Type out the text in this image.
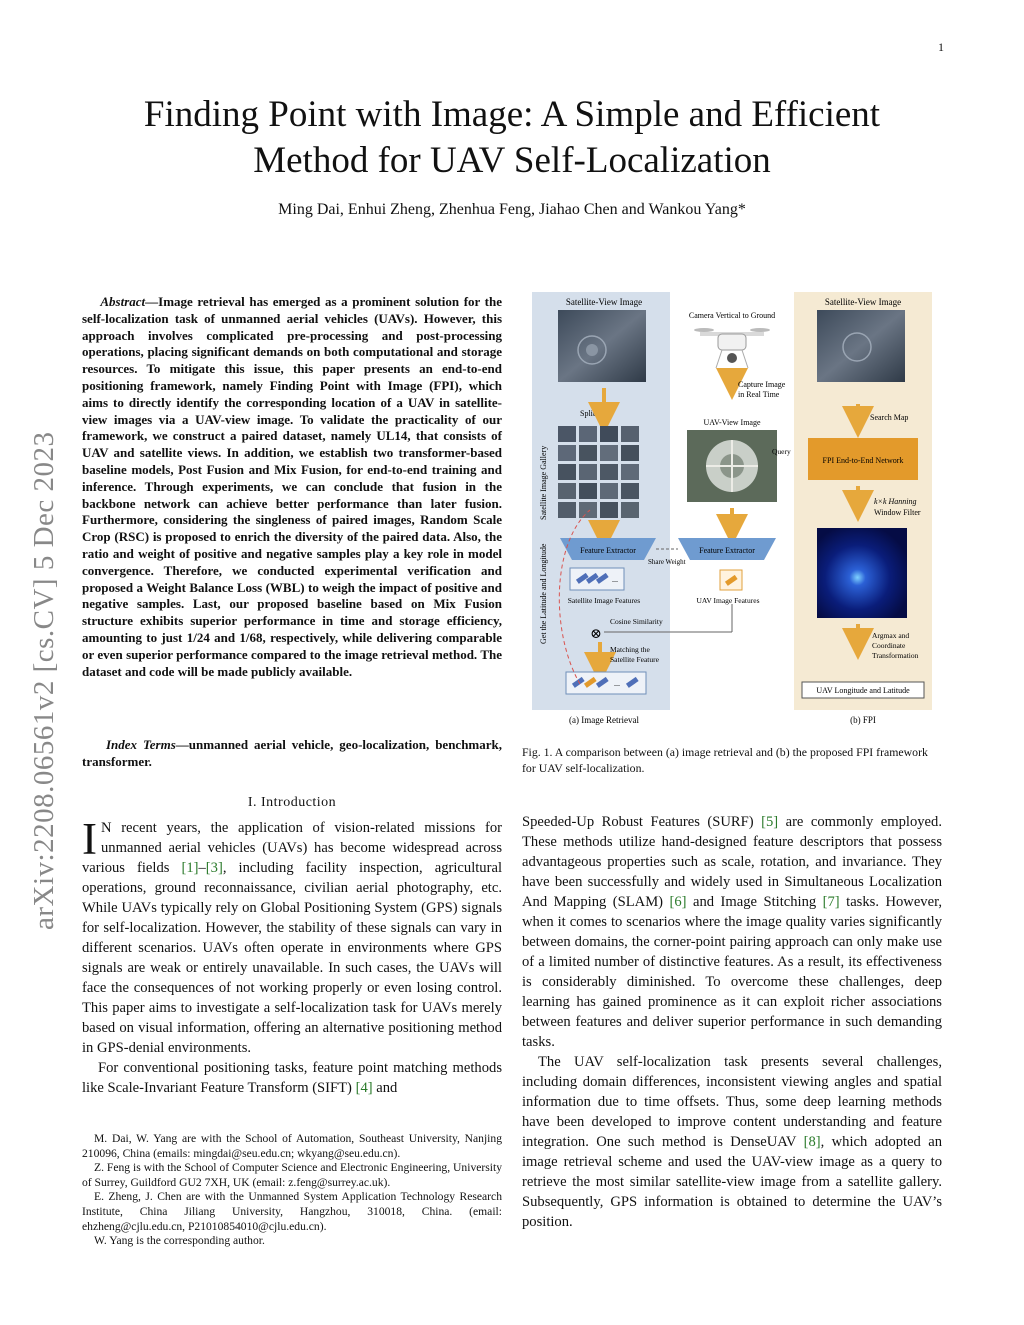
1
arXiv:2208.06561v2 [cs.CV] 5 Dec 2023
Finding Point with Image: A Simple and Efficient
Method for UAV Self-Localization
Ming Dai, Enhui Zheng, Zhenhua Feng, Jiahao Chen and Wankou Yang*
Abstract—Image retrieval has emerged as a prominent solution for the self-localization task of unmanned aerial vehicles (UAVs). However, this approach involves complicated pre-processing and post-processing operations, placing significant demands on both computational and storage resources. To mitigate this issue, this paper presents an end-to-end positioning framework, namely Finding Point with Image (FPI), which aims to directly identify the corresponding location of a UAV in satellite-view images via a UAV-view image. To validate the practicality of our framework, we construct a paired dataset, namely UL14, that consists of UAV and satellite views. In addition, we establish two transformer-based baseline models, Post Fusion and Mix Fusion, for end-to-end training and inference. Through experiments, we can conclude that fusion in the backbone network can achieve better performance than later fusion. Furthermore, considering the singleness of paired images, Random Scale Crop (RSC) is proposed to enrich the diversity of the paired data. Also, the ratio and weight of positive and negative samples play a key role in model convergence. Therefore, we conducted experimental verification and proposed a Weight Balance Loss (WBL) to weigh the impact of positive and negative samples. Last, our proposed baseline based on Mix Fusion structure exhibits superior performance in time and storage efficiency, amounting to just 1/24 and 1/68, respectively, while delivering comparable or even superior performance compared to the image retrieval method. The dataset and code will be made publicly available.
Index Terms—unmanned aerial vehicle, geo-localization, benchmark, transformer.
I. Introduction

I N recent years, the application of vision-related missions for unmanned aerial vehicles (UAVs) has become widespread across various fields [1]–[3], including facility inspection, agricultural operations, ground reconnaissance, civilian aerial photography, etc. While UAVs typically rely on Global Positioning System (GPS) signals for self-localization. However, the stability of these signals can vary in different scenarios. UAVs often operate in environments where GPS signals are weak or entirely unavailable. In such cases, the UAVs will face the consequences of not working properly or even losing control. This paper aims to investigate a self-localization task for UAVs merely based on visual information, offering an alternative positioning method in GPS-denial environments.

For conventional positioning tasks, feature point matching methods like Scale-Invariant Feature Transform (SIFT) [4] and

M. Dai, W. Yang are with the School of Automation, Southeast University, Nanjing 210096, China (emails: mingdai@seu.edu.cn; wkyang@seu.edu.cn).

Z. Feng is with the School of Computer Science and Electronic Engineering, University of Surrey, Guildford GU2 7XH, UK (email: z.feng@surrey.ac.uk).

E. Zheng, J. Chen are with the Unmanned System Application Technology Research Institute, China Jiliang University, Hangzhou, 310018, China. (email: ehzheng@cjlu.edu.cn, P21010854010@cjlu.edu.cn).

W. Yang is the corresponding author.

Speeded-Up Robust Features (SURF) [5] are commonly employed. These methods utilize hand-designed feature descriptors that possess advantageous properties such as scale, rotation, and invariance. They have been successfully and widely used in Simultaneous Localization And Mapping (SLAM) [6] and Image Stitching [7] tasks. However, when it comes to scenarios where the image quality varies significantly between domains, the corner-point pairing approach can only make use of a limited number of distinctive features. As a result, its effectiveness is considerably diminished. To overcome these challenges, deep learning has gained prominence as it can exploit richer associations between features and deliver superior performance in such demanding tasks.

The UAV self-localization task presents several challenges, including domain differences, inconsistent viewing angles and spatial information due to time offsets. Thus, some deep learning methods have been developed to improve content understanding and feature integration. One such method is DenseUAV [8], which adopted an image retrieval scheme and used the UAV-view image as a query to retrieve the most similar satellite-view image from a satellite gallery. Subsequently, GPS information is obtained to determine the UAV’s position.

Fig. 1. A comparison between (a) image retrieval and (b) the proposed FPI framework for UAV self-localization.
Satellite-View Image	Satellite-View Image
Camera Vertical to Ground
Capture Image
in Real Time
UAV-View Image
Query
Split
Satellite Image Gallery
Feature Extractor	Feature Extractor
Share Weight
...
Satellite Image Features	UAV Image Features
Cosine Similarity
⊗
Matching the
Satellite Feature
...
Get the Latitude and Longitude
Search Map
FPI End-to-End Network
k×k Hanning
Window Filter
Argmax and
Coordinate
Transformation
UAV Longitude and Latitude
(a) Image Retrieval	(b) FPI
